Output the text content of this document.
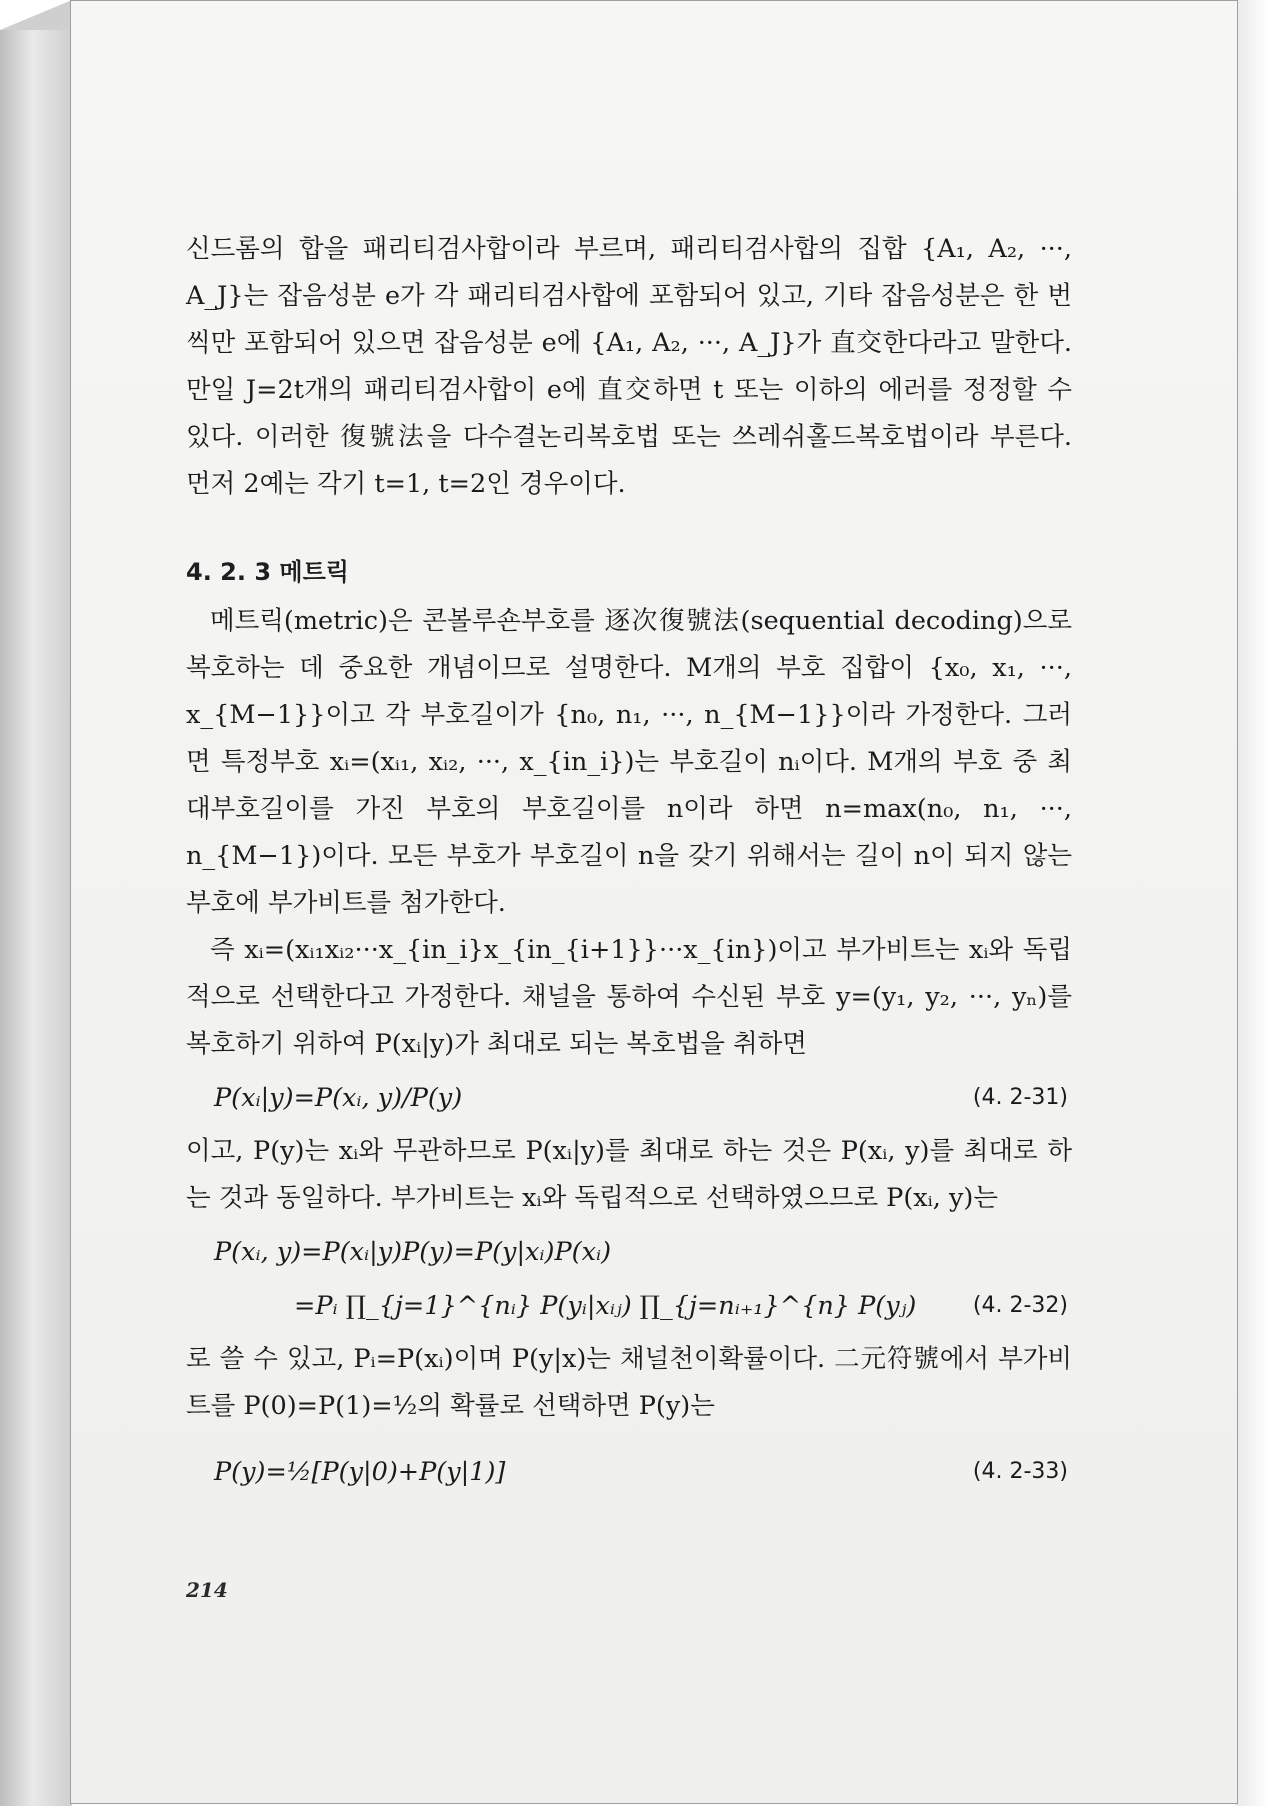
신드롬의 합을 패리티검사합이라 부르며, 패리티검사합의 집합 {A₁, A₂, ···, A_J}는 잡음성분 e가 각 패리티검사합에 포함되어 있고, 기타 잡음성분은 한 번씩만 포함되어 있으면 잡음성분 e에 {A₁, A₂, ···, A_J}가 直交한다라고 말한다. 만일 J=2t개의 패리티검사합이 e에 直交하면 t 또는 이하의 에러를 정정할 수 있다. 이러한 復號法을 다수결논리복호법 또는 쓰레쉬홀드복호법이라 부른다. 먼저 2예는 각기 t=1, t=2인 경우이다.

4. 2. 3 메트릭

메트릭(metric)은 콘볼루숀부호를 逐次復號法(sequential decoding)으로 복호하는 데 중요한 개념이므로 설명한다. M개의 부호 집합이 {x₀, x₁, ···, x_{M−1}}이고 각 부호길이가 {n₀, n₁, ···, n_{M−1}}이라 가정한다. 그러면 특정부호 xᵢ=(xᵢ₁, xᵢ₂, ···, x_{in_i})는 부호길이 nᵢ이다. M개의 부호 중 최대부호길이를 가진 부호의 부호길이를 n이라 하면 n=max(n₀, n₁, ···, n_{M−1})이다. 모든 부호가 부호길이 n을 갖기 위해서는 길이 n이 되지 않는 부호에 부가비트를 첨가한다.

즉 xᵢ=(xᵢ₁xᵢ₂···x_{in_i}x_{in_{i+1}}···x_{in})이고 부가비트는 xᵢ와 독립적으로 선택한다고 가정한다. 채널을 통하여 수신된 부호 y=(y₁, y₂, ···, yₙ)를 복호하기 위하여 P(xᵢ|y)가 최대로 되는 복호법을 취하면

P(xᵢ|y)=P(xᵢ, y)/P(y)	(4. 2-31)

이고, P(y)는 xᵢ와 무관하므로 P(xᵢ|y)를 최대로 하는 것은 P(xᵢ, y)를 최대로 하는 것과 동일하다. 부가비트는 xᵢ와 독립적으로 선택하였으므로 P(xᵢ, y)는

P(xᵢ, y)=P(xᵢ|y)P(y)=P(y|xᵢ)P(xᵢ)
=Pᵢ ∏_{j=1}^{nᵢ} P(yᵢ|xᵢⱼ) ∏_{j=nᵢ₊₁}^{n} P(yⱼ)	(4. 2-32)

로 쓸 수 있고, Pᵢ=P(xᵢ)이며 P(y|x)는 채널천이확률이다. 二元符號에서 부가비트를 P(0)=P(1)=½의 확률로 선택하면 P(y)는

P(y)=½[P(y|0)+P(y|1)]	(4. 2-33)
214
